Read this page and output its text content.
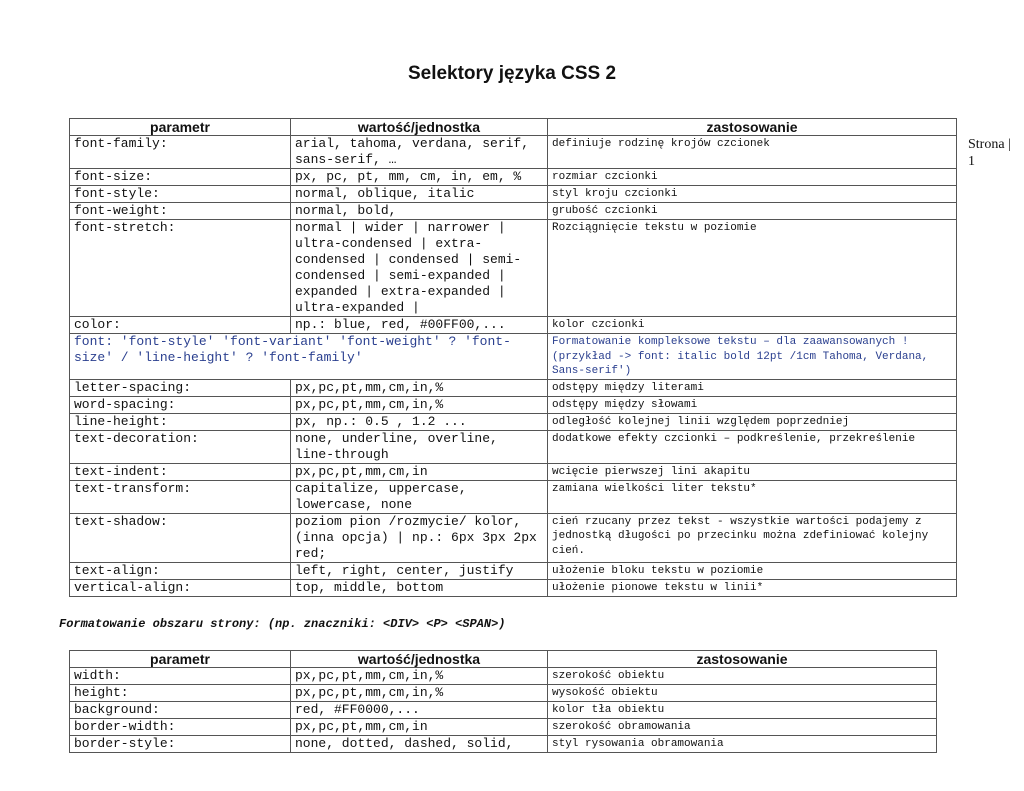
Selektory języka CSS 2
Strona |
1
parametr	wartość/jednostka	zastosowanie
font-family:	arial, tahoma, verdana, serif, sans-serif, …	definiuje rodzinę krojów czcionek
font-size:	px, pc, pt, mm, cm, in, em, %	rozmiar czcionki
font-style:	normal, oblique, italic	styl kroju czcionki
font-weight:	normal, bold,	grubość czcionki
font-stretch:	normal | wider | narrower | ultra-condensed | extra-condensed | condensed | semi-condensed | semi-expanded | expanded | extra-expanded | ultra-expanded |	Rozciągnięcie tekstu w poziomie
color:	np.: blue, red, #00FF00,...	kolor czcionki
font: 'font-style' 'font-variant' 'font-weight' ? 'font-size' / 'line-height' ? 'font-family'		Formatowanie kompleksowe tekstu – dla zaawansowanych ! (przykład -> font: italic bold 12pt /1cm Tahoma, Verdana, Sans-serif')
letter-spacing:	px,pc,pt,mm,cm,in,%	odstępy między literami
word-spacing:	px,pc,pt,mm,cm,in,%	odstępy między słowami
line-height:	px, np.: 0.5 , 1.2 ...	odległość kolejnej linii względem poprzedniej
text-decoration:	none, underline, overline, line-through	dodatkowe efekty czcionki – podkreślenie, przekreślenie
text-indent:	px,pc,pt,mm,cm,in	wcięcie pierwszej lini akapitu
text-transform:	capitalize, uppercase, lowercase, none	zamiana wielkości liter tekstu*
text-shadow:	poziom pion /rozmycie/ kolor, (inna opcja) | np.: 6px 3px 2px red;	cień rzucany przez tekst - wszystkie wartości podajemy z jednostką długości po przecinku można zdefiniować kolejny cień.
text-align:	left, right, center, justify	ułożenie bloku tekstu w poziomie
vertical-align:	top, middle, bottom	ułożenie pionowe tekstu w linii*
Formatowanie obszaru strony: (np. znaczniki: <DIV> <P> <SPAN>)
parametr	wartość/jednostka	zastosowanie
width:	px,pc,pt,mm,cm,in,%	szerokość obiektu
height:	px,pc,pt,mm,cm,in,%	wysokość obiektu
background:	red, #FF0000,...	kolor tła obiektu
border-width:	px,pc,pt,mm,cm,in	szerokość obramowania
border-style:	none, dotted, dashed, solid,	styl rysowania obramowania
